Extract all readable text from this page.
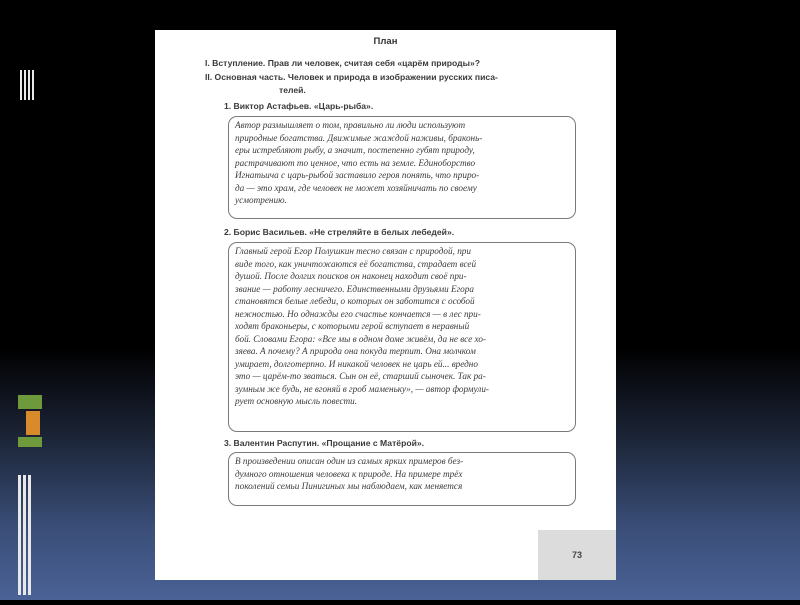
План
I. Вступление. Прав ли человек, считая себя «царём природы»?
II. Основная часть. Человек и природа в изображении русских писа-
телей.
1. Виктор Астафьев. «Царь-рыба».

Автор размышляет о том, правильно ли люди используют

природные богатства. Движимые жаждой наживы, браконь-

еры истребляют рыбу, а значит, постепенно губят природу,

растрачивают то ценное, что есть на земле. Единоборство

Игнатьича с царь-рыбой заставило героя понять, что приро-

да — это храм, где человек не может хозяйничать по своему

усмотрению.

2. Борис Васильев. «Не стреляйте в белых лебедей».

Главный герой Егор Полушкин тесно связан с природой, при

виде того, как уничтожаются её богатства, страдает всей

душой. После долгих поисков он наконец находит своё при-

звание — работу лесничего. Единственными друзьями Егора

становятся белые лебеди, о которых он заботится с особой

нежностью. Но однажды его счастье кончается — в лес при-

ходят браконьеры, с которыми герой вступает в неравный

бой. Словами Егора: «Все мы в одном доме живём, да не все хо-

зяева. А почему? А природа она покуда терпит. Она молчком

умирает, долготерпно. И никакой человек не царь ей... вредно

это — царём-то зваться. Сын он её, старший сыночек. Так ра-

зумным же будь, не вгоняй в гроб маменьку», — автор формули-

рует основную мысль повести.

3. Валентин Распутин. «Прощание с Матёрой».

В произведении описан один из самых ярких примеров без-

думного отношения человека к природе. На примере трёх

поколений семьи Пинигиных мы наблюдаем, как меняется

73
